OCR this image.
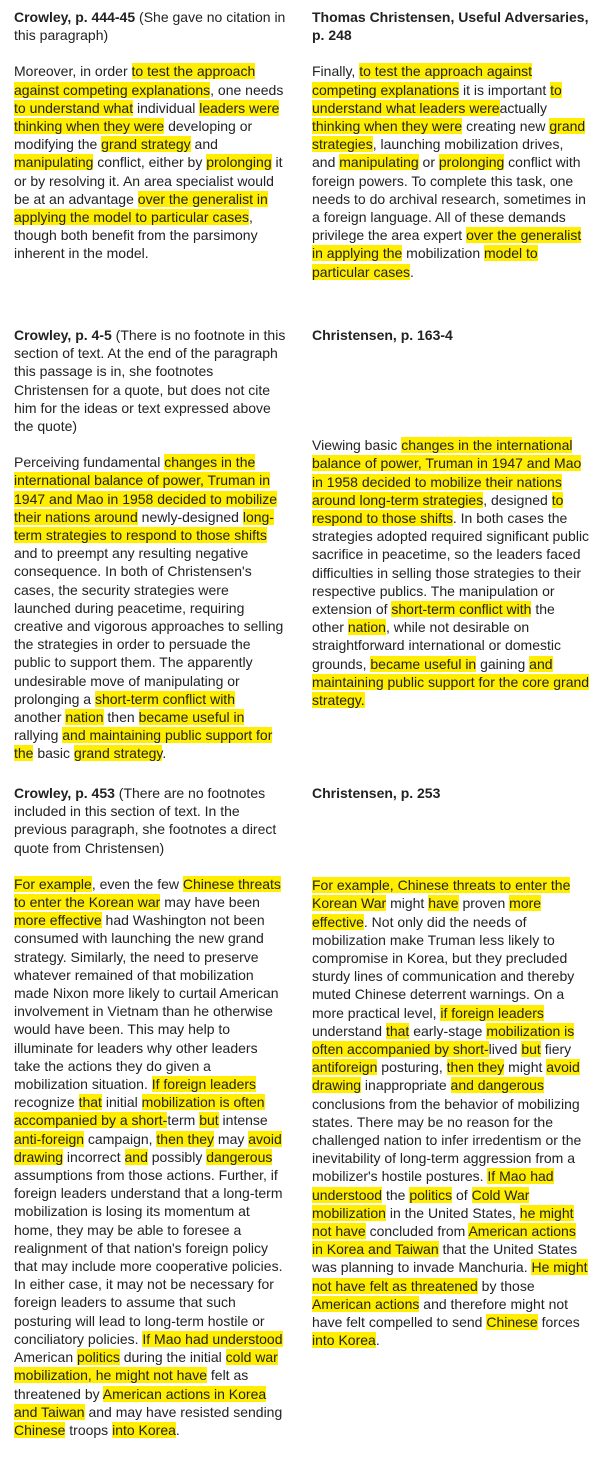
Crowley, p. 444-45 (She gave no citation in this paragraph)

Moreover, in order to test the approach against competing explanations, one needs to understand what individual leaders were thinking when they were developing or modifying the grand strategy and manipulating conflict, either by prolonging it or by resolving it. An area specialist would be at an advantage over the generalist in applying the model to particular cases, though both benefit from the parsimony inherent in the model.

Thomas Christensen, Useful Adversaries, p. 248

Finally, to test the approach against competing explanations it is important to understand what leaders wereactually thinking when they were creating new grand strategies, launching mobilization drives, and manipulating or prolonging conflict with foreign powers. To complete this task, one needs to do archival research, sometimes in a foreign language. All of these demands privilege the area expert over the generalist in applying the mobilization model to particular cases.

Crowley, p. 4-5 (There is no footnote in this section of text. At the end of the paragraph this passage is in, she footnotes Christensen for a quote, but does not cite him for the ideas or text expressed above the quote)

Perceiving fundamental changes in the international balance of power, Truman in 1947 and Mao in 1958 decided to mobilize their nations around newly-designed long-term strategies to respond to those shifts and to preempt any resulting negative consequence. In both of Christensen's cases, the security strategies were launched during peacetime, requiring creative and vigorous approaches to selling the strategies in order to persuade the public to support them. The apparently undesirable move of manipulating or prolonging a short-term conflict with another nation then became useful in rallying and maintaining public support for the basic grand strategy.

Christensen, p. 163-4

Viewing basic changes in the international balance of power, Truman in 1947 and Mao in 1958 decided to mobilize their nations around long-term strategies, designed to respond to those shifts. In both cases the strategies adopted required significant public sacrifice in peacetime, so the leaders faced difficulties in selling those strategies to their respective publics. The manipulation or extension of short-term conflict with the other nation, while not desirable on straightforward international or domestic grounds, became useful in gaining and maintaining public support for the core grand strategy.

Crowley, p. 453 (There are no footnotes included in this section of text. In the previous paragraph, she footnotes a direct quote from Christensen)

For example, even the few Chinese threats to enter the Korean war may have been more effective had Washington not been consumed with launching the new grand strategy. Similarly, the need to preserve whatever remained of that mobilization made Nixon more likely to curtail American involvement in Vietnam than he otherwise would have been. This may help to illuminate for leaders why other leaders take the actions they do given a mobilization situation. If foreign leaders recognize that initial mobilization is often accompanied by a short-term but intense anti-foreign campaign, then they may avoid drawing incorrect and possibly dangerous assumptions from those actions. Further, if foreign leaders understand that a long-term mobilization is losing its momentum at home, they may be able to foresee a realignment of that nation's foreign policy that may include more cooperative policies. In either case, it may not be necessary for foreign leaders to assume that such posturing will lead to long-term hostile or conciliatory policies. If Mao had understood American politics during the initial cold war mobilization, he might not have felt as threatened by American actions in Korea and Taiwan and may have resisted sending Chinese troops into Korea.

Christensen, p. 253

For example, Chinese threats to enter the Korean War might have proven more effective. Not only did the needs of mobilization make Truman less likely to compromise in Korea, but they precluded sturdy lines of communication and thereby muted Chinese deterrent warnings. On a more practical level, if foreign leaders understand that early-stage mobilization is often accompanied by short-lived but fiery antiforeign posturing, then they might avoid drawing inappropriate and dangerous conclusions from the behavior of mobilizing states. There may be no reason for the challenged nation to infer irredentism or the inevitability of long-term aggression from a mobilizer's hostile postures. If Mao had understood the politics of Cold War mobilization in the United States, he might not have concluded from American actions in Korea and Taiwan that the United States was planning to invade Manchuria. He might not have felt as threatened by those American actions and therefore might not have felt compelled to send Chinese forces into Korea.
